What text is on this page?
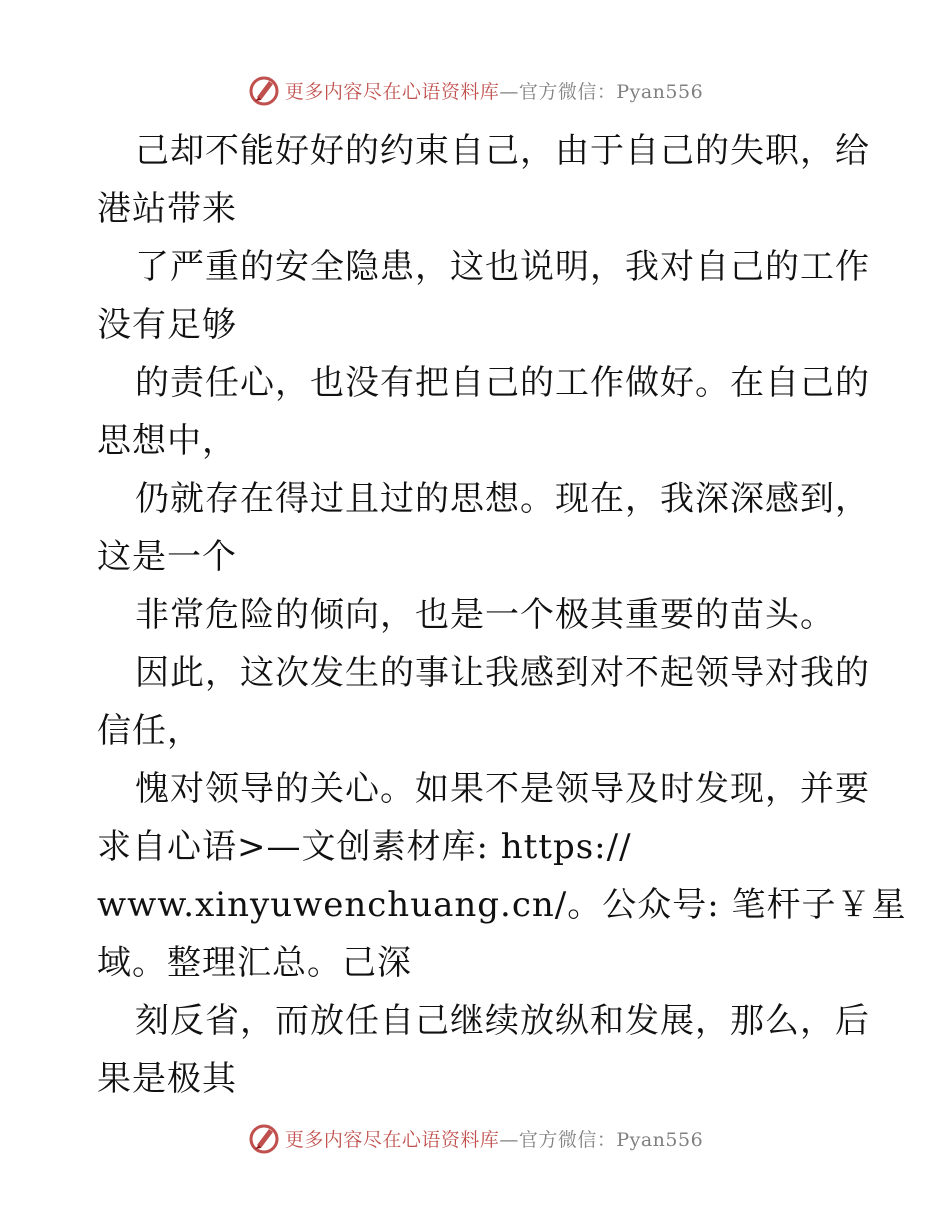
更多内容尽在心语资料库—官方微信：Pyan556
己却不能好好的约束自己，由于自己的失职，给
港站带来
了严重的安全隐患，这也说明，我对自己的工作
没有足够
的责任心，也没有把自己的工作做好。在自己的
思想中，
仍就存在得过且过的思想。现在，我深深感到，
这是一个
非常危险的倾向，也是一个极其重要的苗头。
因此，这次发生的事让我感到对不起领导对我的
信任，
愧对领导的关心。如果不是领导及时发现，并要
求自心语>—文创素材库: https://
www.xinyuwenchuang.cn/。公众号: 笔杆子￥星
域。整理汇总。己深
刻反省，而放任自己继续放纵和发展，那么，后
果是极其
更多内容尽在心语资料库—官方微信：Pyan556
